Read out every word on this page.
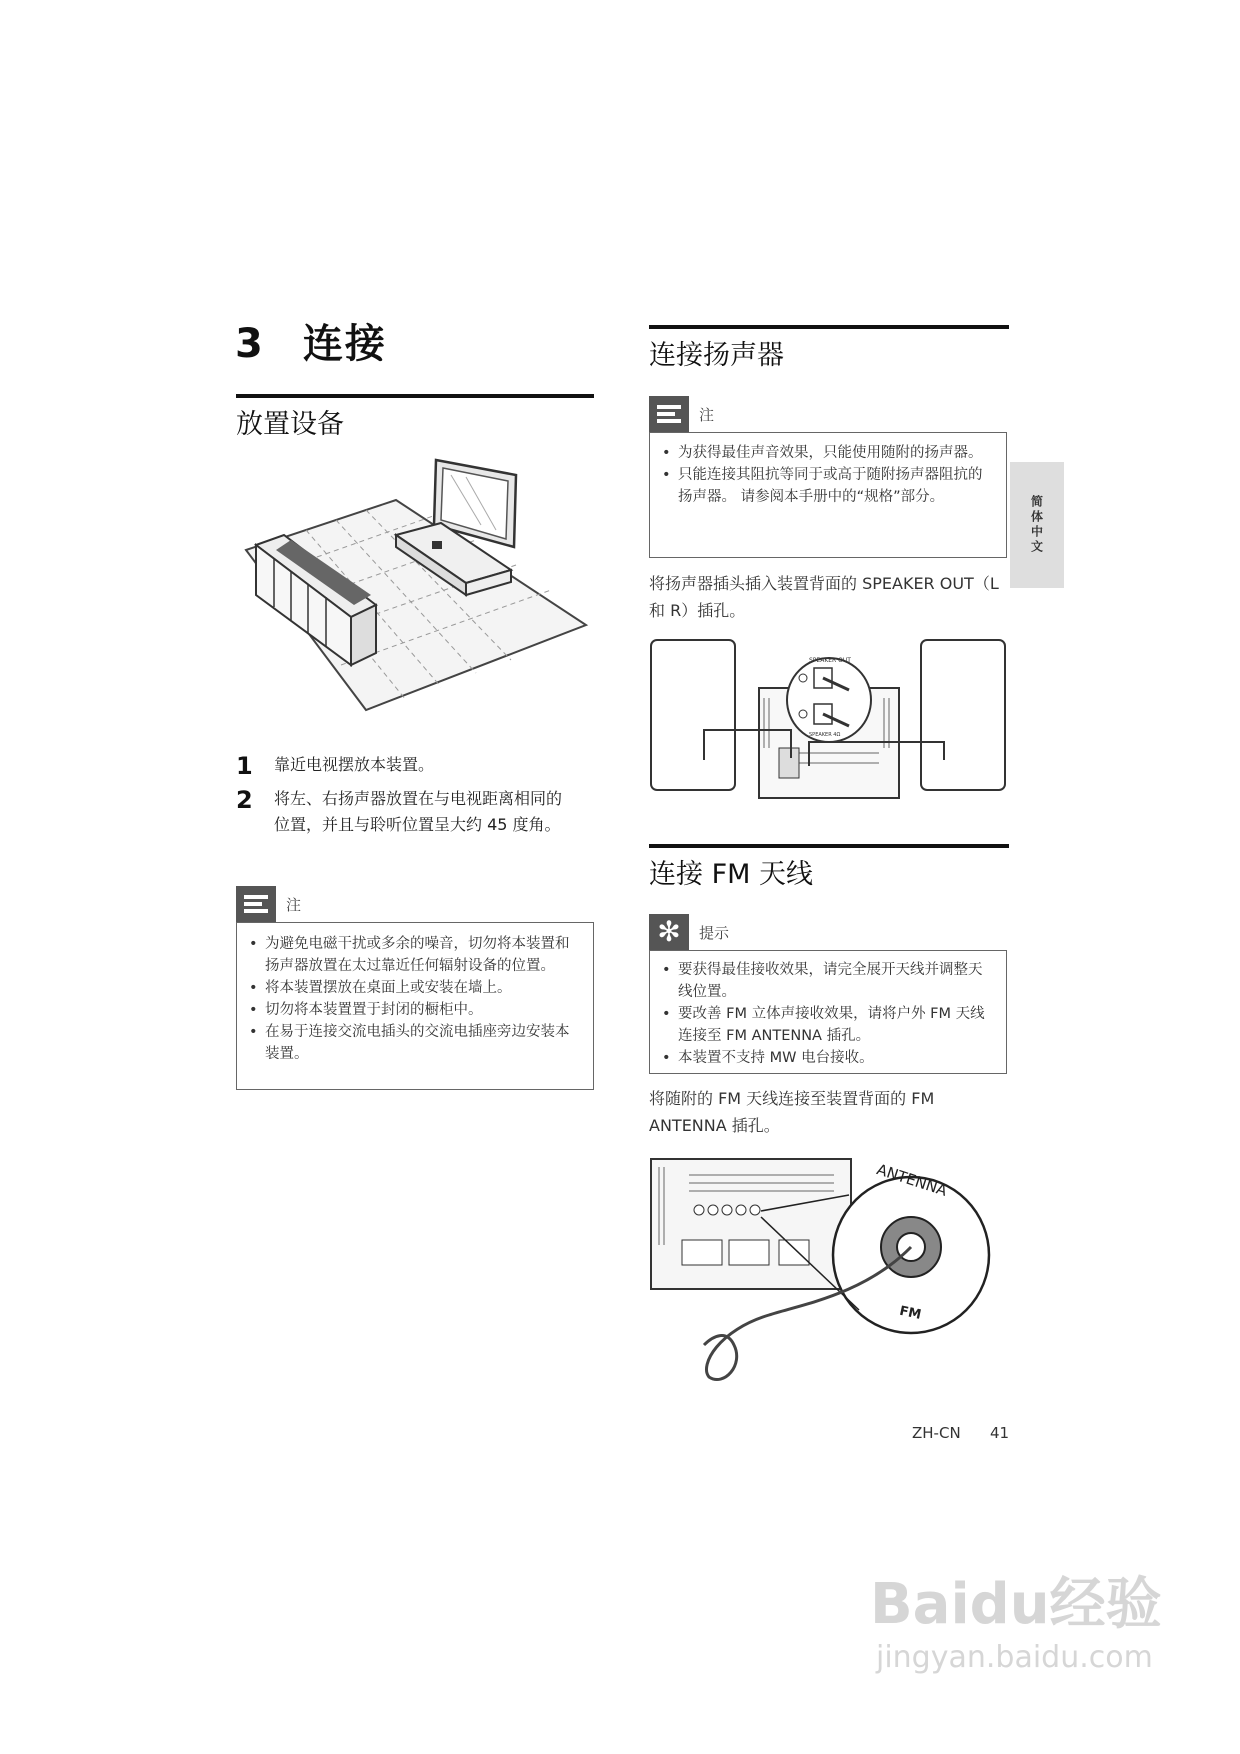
3 连接
放置设备
1	靠近电视摆放本装置。
2	将左、右扬声器放置在与电视距离相同的位置，并且与聆听位置呈大约 45 度角。
注
• 为避免电磁干扰或多余的噪音，切勿将本装置和扬声器放置在太过靠近任何辐射设备的位置。
• 将本装置摆放在桌面上或安装在墙上。
• 切勿将本装置置于封闭的橱柜中。
• 在易于连接交流电插头的交流电插座旁边安装本装置。
连接扬声器
注
• 为获得最佳声音效果，只能使用随附的扬声器。
• 只能连接其阻抗等同于或高于随附扬声器阻抗的扬声器。 请参阅本手册中的“规格”部分。
将扬声器插头插入装置背面的 SPEAKER OUT（L 和 R）插孔。
SPEAKER OUT
SPEAKER 4Ω
连接 FM 天线
✻	提示
• 要获得最佳接收效果，请完全展开天线并调整天线位置。
• 要改善 FM 立体声接收效果，请将户外 FM 天线连接至 FM ANTENNA 插孔。
• 本装置不支持 MW 电台接收。
将随附的 FM 天线连接至装置背面的 FM ANTENNA 插孔。
ANTENNA
FM
简体中文
ZH-CN 41
Baidu经验
jingyan.baidu.com
